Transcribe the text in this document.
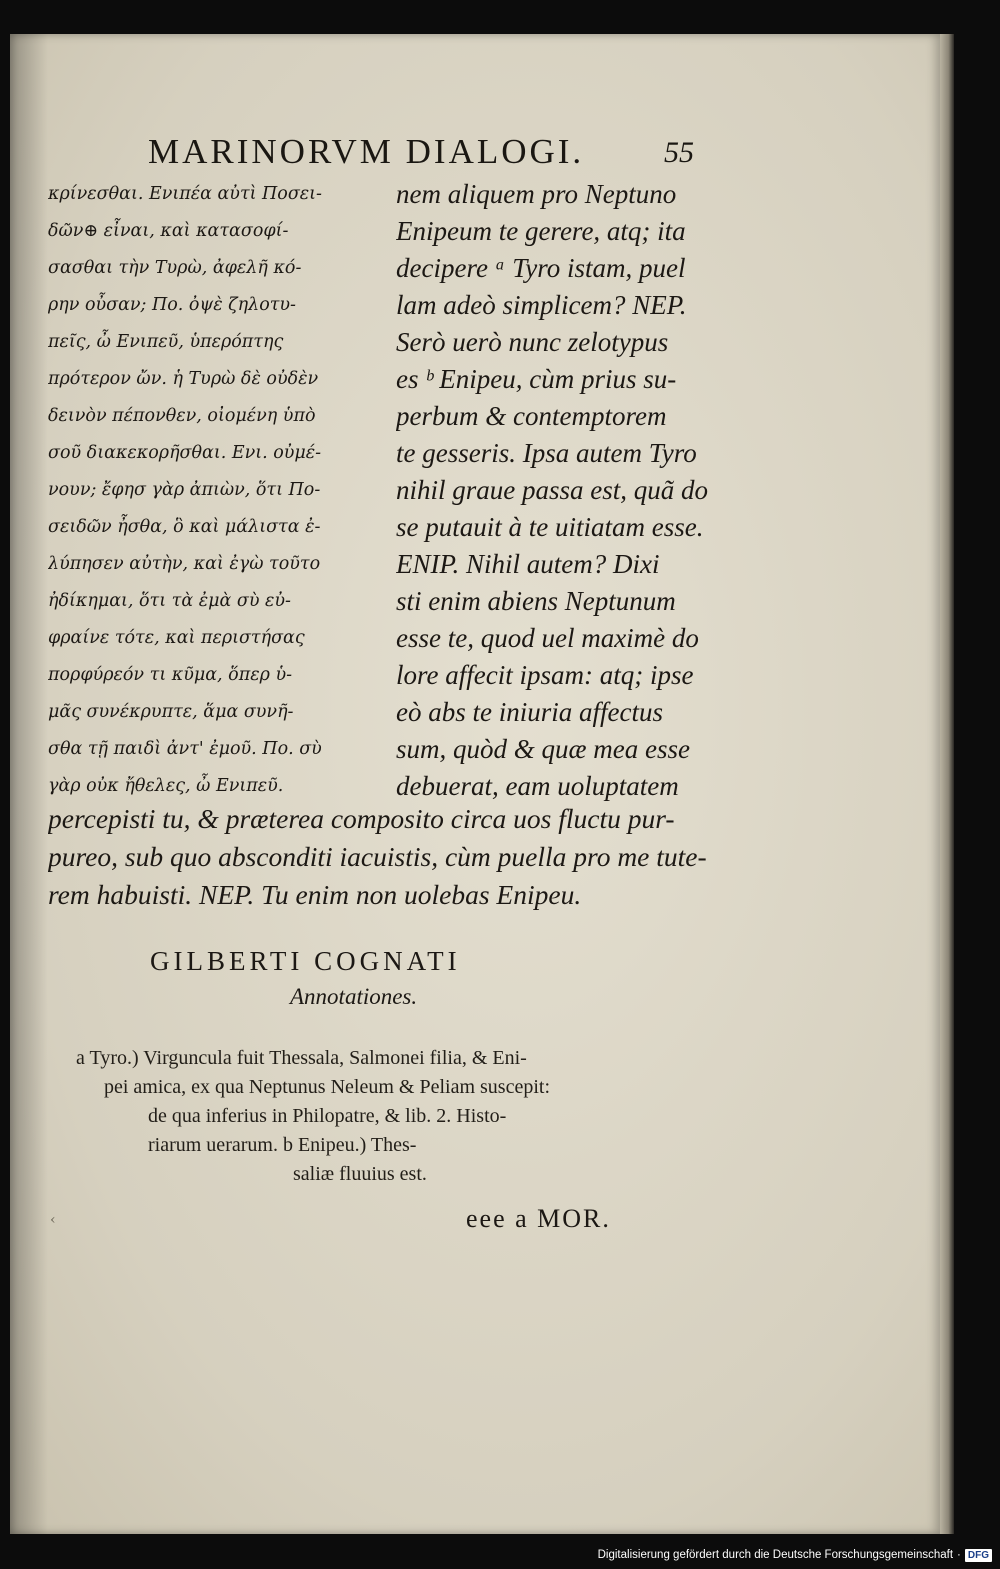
MARINORVM DIALOGI.	55
κρίνεσθαι. Ενιπέα αὐτὶ Ποσει-
δῶν⊕ εἶναι, καὶ κατασοφί-
σασθαι τὴν Τυρὼ, ἀφελῆ κό-
ρην οὖσαν; Πο. ὀψὲ ζηλοτυ-
πεῖς, ὦ Ενιπεῦ, ὑπερόπτης
πρότερον ὤν. ἡ Τυρὼ δὲ οὐδὲν
δεινὸν πέπονθεν, οἰομένη ὑπὸ
σοῦ διακεκορῆσθαι. Ενι. οὐμέ-
νουν; ἔφησ γὰρ ἀπιὼν, ὅτι Πο-
σειδῶν ἦσθα, ὃ καὶ μάλιστα ἐ-
λύπησεν αὐτὴν, καὶ ἐγὼ τοῦτο
ἠδίκημαι, ὅτι τὰ ἐμὰ σὺ εὐ-
φραίνε τότε, καὶ περιστήσας
πορφύρεόν τι κῦμα, ὅπερ ὑ-
μᾶς συνέκρυπτε, ἅμα συνῆ-
σθα τῇ παιδὶ ἀντ' ἐμοῦ. Πο. σὺ
γὰρ οὐκ ἤθελες, ὦ Ενιπεῦ.
nem aliquem pro Neptuno
Enipeum te gerere, atq; ita
decipere ᵃ Tyro istam, puel
lam adeò simplicem? NEP.
Serò uerò nunc zelotypus
es ᵇ Enipeu, cùm prius su-
perbum & contemptorem
te gesseris. Ipsa autem Tyro
nihil graue passa est, quã do
se putauit à te uitiatam esse.
ENIP. Nihil autem? Dixi
sti enim abiens Neptunum
esse te, quod uel maximè do
lore affecit ipsam: atq; ipse
eò abs te iniuria affectus
sum, quòd & quæ mea esse
debuerat, eam uoluptatem
percepisti tu, & præterea composito circa uos fluctu pur-
pureo, sub quo absconditi iacuistis, cùm puella pro me tute-
rem habuisti. NEP. Tu enim non uolebas Enipeu.
GILBERTI COGNATI
Annotationes.
a Tyro.) Virguncula fuit Thessala, Salmonei filia, & Eni-
pei amica, ex qua Neptunus Neleum & Peliam suscepit:
de qua inferius in Philopatre, & lib. 2. Histo-
riarum uerarum. b Enipeu.) Thes-
saliæ fluuius est.
‹	eee a MOR.
Digitalisierung gefördert durch die Deutsche Forschungsgemeinschaft · DFG
